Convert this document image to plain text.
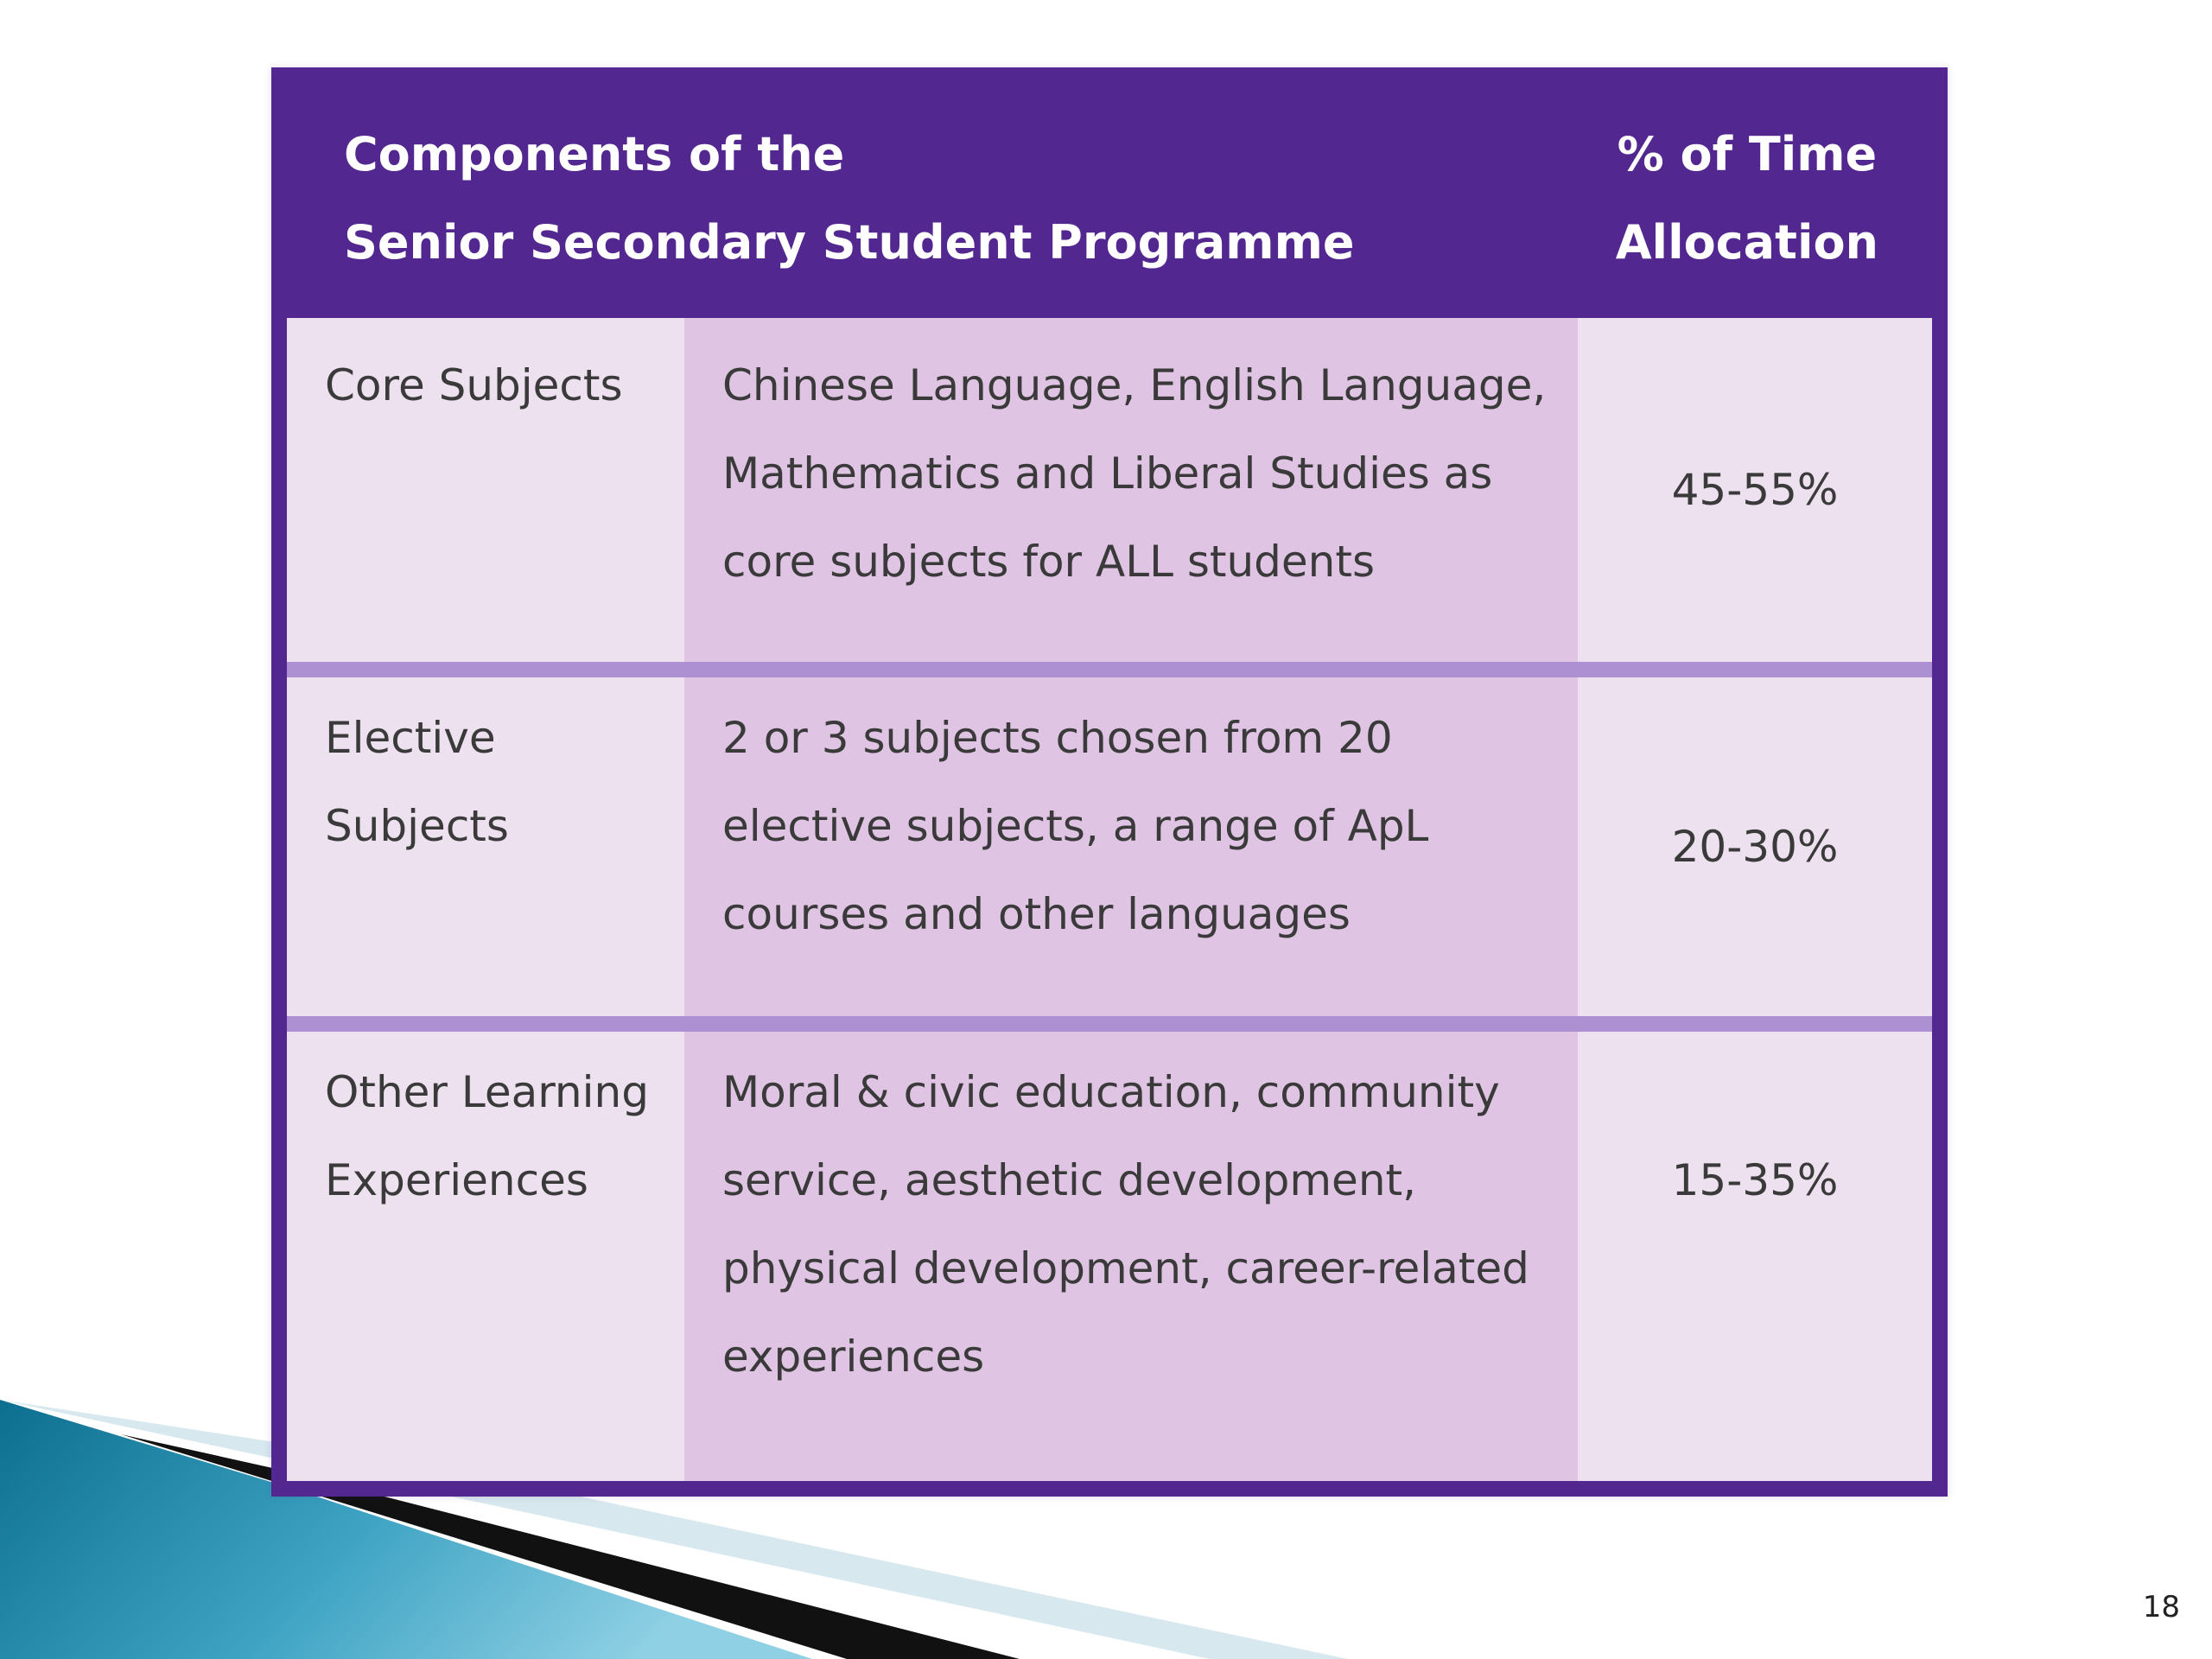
Components of the
Senior Secondary Student Programme
% of Time
Allocation
Core Subjects	Chinese Language, English Language,
Mathematics and Liberal Studies as
core subjects for ALL students
45-55%
Elective
Subjects
2 or 3 subjects chosen from 20
elective subjects, a range of ApL
courses and other languages
20-30%
Other Learning
Experiences
Moral & civic education, community
service, aesthetic development,
physical development, career-related
experiences
15-35%
18
